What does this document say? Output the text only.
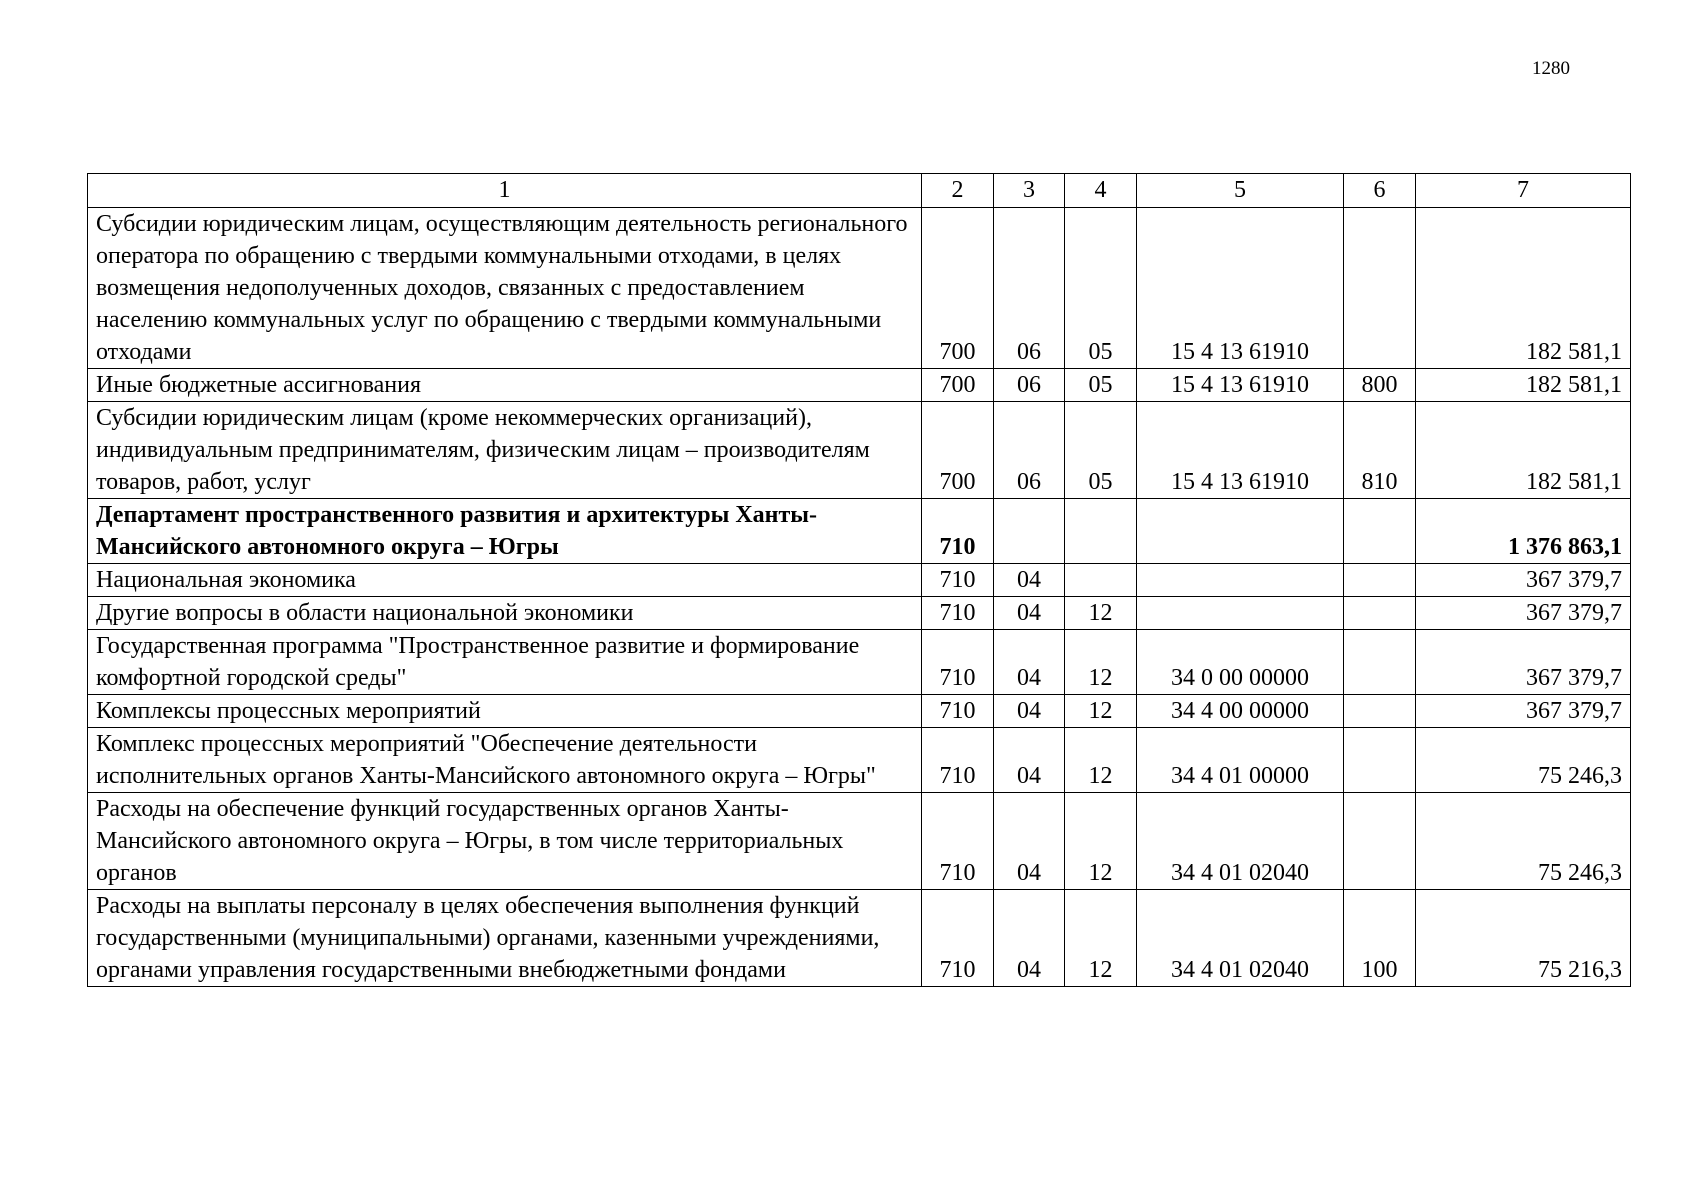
1280
1	2	3	4	5	6	7
Субсидии юридическим лицам, осуществляющим деятельность регионального оператора по обращению с твердыми коммунальными отходами, в целях возмещения недополученных доходов, связанных с предоставлением населению коммунальных услуг по обращению с твердыми коммунальными отходами	700	06	05	15 4 13 61910		182 581,1
Иные бюджетные ассигнования	700	06	05	15 4 13 61910	800	182 581,1
Субсидии юридическим лицам (кроме некоммерческих организаций), индивидуальным предпринимателям, физическим лицам – производителям товаров, работ, услуг	700	06	05	15 4 13 61910	810	182 581,1
Департамент пространственного развития и архитектуры Ханты-Мансийского автономного округа – Югры	710					1 376 863,1
Национальная экономика	710	04				367 379,7
Другие вопросы в области национальной экономики	710	04	12			367 379,7
Государственная программа "Пространственное развитие и формирование комфортной городской среды"	710	04	12	34 0 00 00000		367 379,7
Комплексы процессных мероприятий	710	04	12	34 4 00 00000		367 379,7
Комплекс процессных мероприятий "Обеспечение деятельности исполнительных органов Ханты-Мансийского автономного округа – Югры"	710	04	12	34 4 01 00000		75 246,3
Расходы на обеспечение функций государственных органов Ханты-Мансийского автономного округа – Югры, в том числе территориальных органов	710	04	12	34 4 01 02040		75 246,3
Расходы на выплаты персоналу в целях обеспечения выполнения функций государственными (муниципальными) органами, казенными учреждениями, органами управления государственными внебюджетными фондами	710	04	12	34 4 01 02040	100	75 216,3
